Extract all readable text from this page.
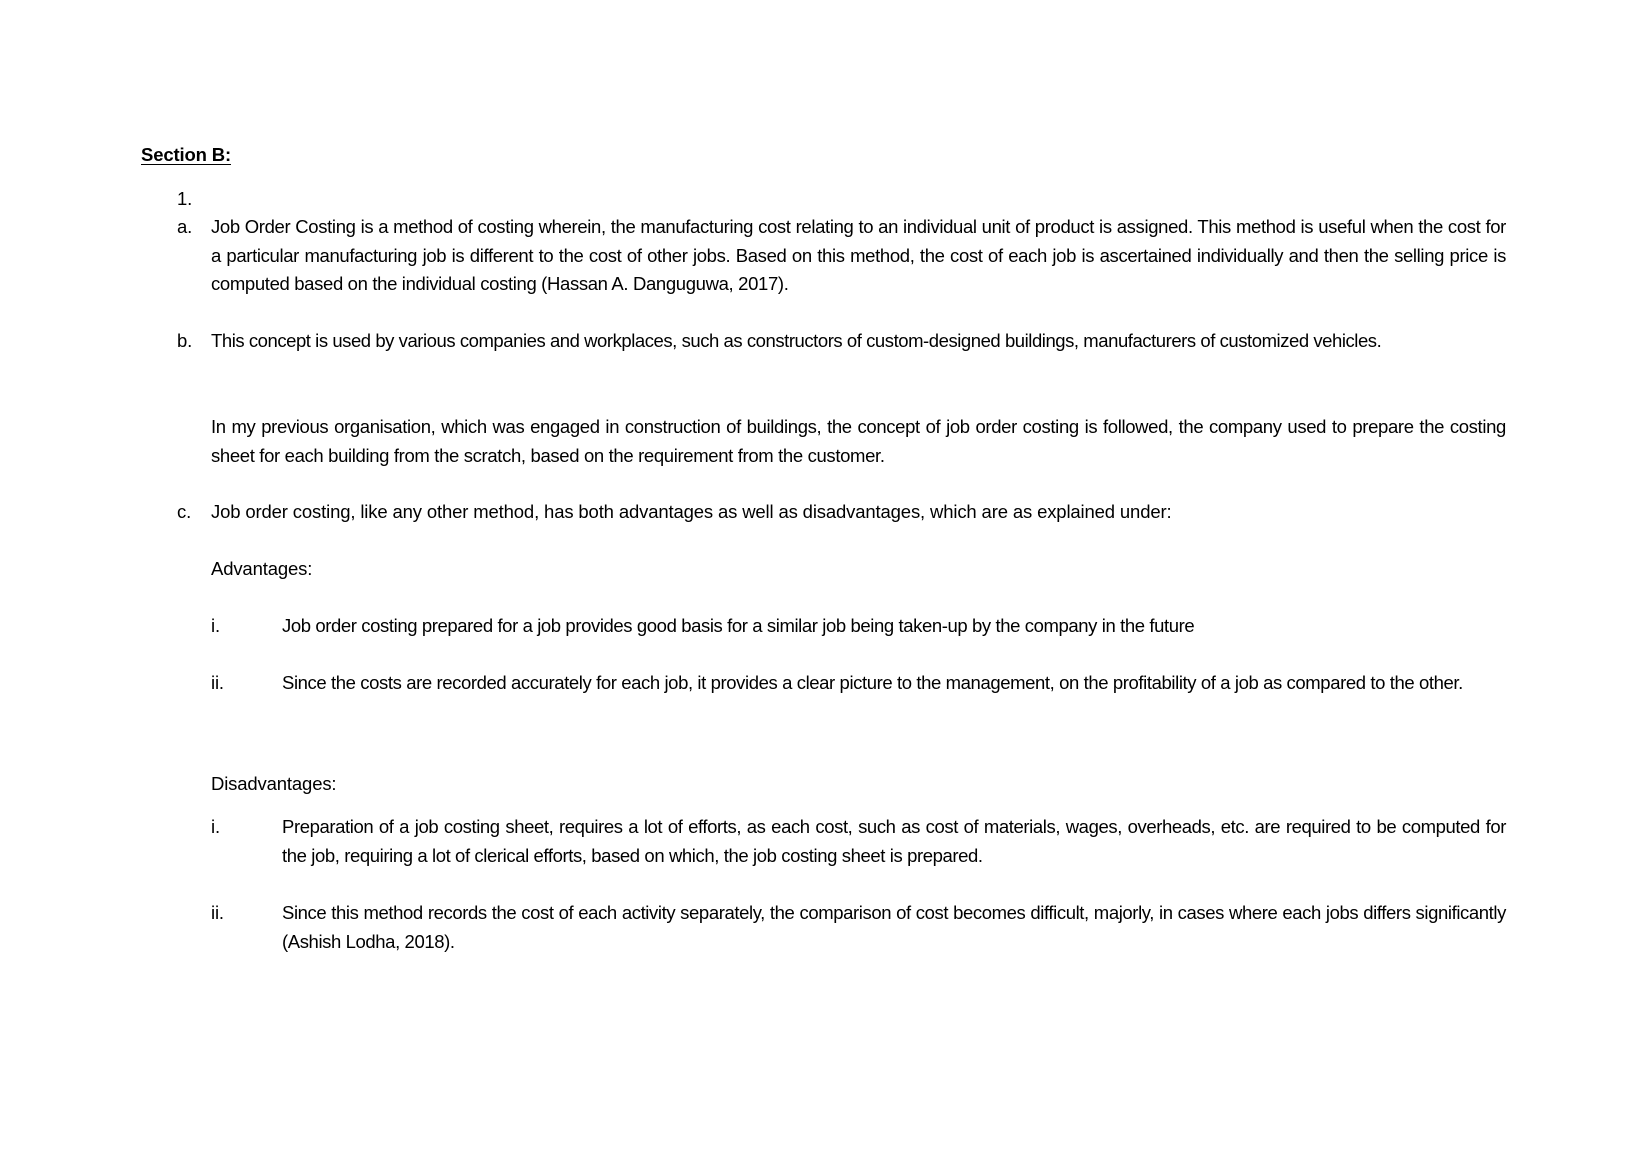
Section B:
1.
a. Job Order Costing is a method of costing wherein, the manufacturing cost relating to an individual unit of product is assigned. This method is useful when the cost for a particular manufacturing job is different to the cost of other jobs. Based on this method, the cost of each job is ascertained individually and then the selling price is computed based on the individual costing (Hassan A. Danguguwa, 2017).
b. This concept is used by various companies and workplaces, such as constructors of custom-designed buildings, manufacturers of customized vehicles.
In my previous organisation, which was engaged in construction of buildings, the concept of job order costing is followed, the company used to prepare the costing sheet for each building from the scratch, based on the requirement from the customer.
c. Job order costing, like any other method, has both advantages as well as disadvantages, which are as explained under:
Advantages:
i.	Job order costing prepared for a job provides good basis for a similar job being taken-up by the company in the future
ii.	Since the costs are recorded accurately for each job, it provides a clear picture to the management, on the profitability of a job as compared to the other.
Disadvantages:
i.	Preparation of a job costing sheet, requires a lot of efforts, as each cost, such as cost of materials, wages, overheads, etc. are required to be computed for the job, requiring a lot of clerical efforts, based on which, the job costing sheet is prepared.
ii.	Since this method records the cost of each activity separately, the comparison of cost becomes difficult, majorly, in cases where each jobs differs significantly (Ashish Lodha, 2018).
